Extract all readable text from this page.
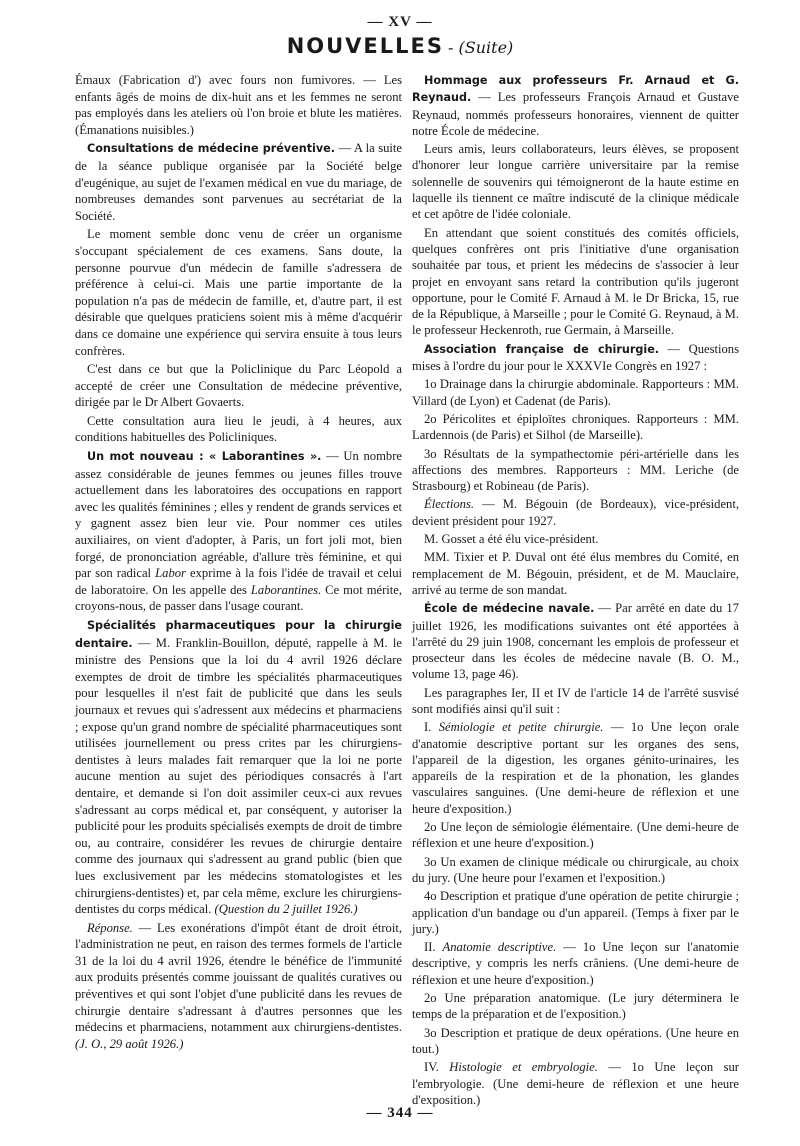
— XV —
NOUVELLES - (Suite)

Émaux (Fabrication d') avec fours non fumivores. — Les enfants âgés de moins de dix-huit ans et les femmes ne seront pas employés dans les ateliers où l'on broie et blute les matières. (Émanations nuisibles.)

Consultations de médecine préventive. — A la suite de la séance publique organisée par la Société belge d'eugénique, au sujet de l'examen médical en vue du mariage, de nombreuses demandes sont parvenues au secrétariat de la Société.

Le moment semble donc venu de créer un organisme s'occupant spécialement de ces examens. Sans doute, la personne pourvue d'un médecin de famille s'adressera de préférence à celui-ci. Mais une partie importante de la population n'a pas de médecin de famille, et, d'autre part, il est désirable que quelques praticiens soient mis à même d'acquérir dans ce domaine une expérience qui servira ensuite à tous leurs confrères.

C'est dans ce but que la Policlinique du Parc Léopold a accepté de créer une Consultation de médecine préventive, dirigée par le Dr Albert Govaerts.

Cette consultation aura lieu le jeudi, à 4 heures, aux conditions habituelles des Policliniques.

Un mot nouveau : « Laborantines ». — Un nombre assez considérable de jeunes femmes ou jeunes filles trouve actuellement dans les laboratoires des occupations en rapport avec les qualités féminines ; elles y rendent de grands services et y gagnent assez bien leur vie. Pour nommer ces utiles auxiliaires, on vient d'adopter, à Paris, un fort joli mot, bien forgé, de prononciation agréable, d'allure très féminine, et qui par son radical Labor exprime à la fois l'idée de travail et celui de laboratoire. On les appelle des Laborantines. Ce mot mérite, croyons-nous, de passer dans l'usage courant.

Spécialités pharmaceutiques pour la chirurgie dentaire. — M. Franklin-Bouillon, député, rappelle à M. le ministre des Pensions que la loi du 4 avril 1926 déclare exemptes de droit de timbre les spécialités pharmaceutiques pour lesquelles il n'est fait de publicité que dans les seuls journaux et revues qui s'adressent aux médecins et pharmaciens ; expose qu'un grand nombre de spécialité pharmaceutiques sont utilisées journellement ou press crites par les chirurgiens-dentistes à leurs malades fait remarquer que la loi ne porte aucune mention au sujet des périodiques consacrés à l'art dentaire, et demande si l'on doit assimiler ceux-ci aux revues s'adressant au corps médical et, par conséquent, y autoriser la publicité pour les produits spécialisés exempts de droit de timbre ou, au contraire, considérer les revues de chirurgie dentaire comme des journaux qui s'adressent au grand public (bien que lues exclusivement par les médecins stomatologistes et les chirurgiens-dentistes) et, par cela même, exclure les chirurgiens-dentistes du corps médical. (Question du 2 juillet 1926.)

Réponse. — Les exonérations d'impôt étant de droit étroit, l'administration ne peut, en raison des termes formels de l'article 31 de la loi du 4 avril 1926, étendre le bénéfice de l'immunité aux produits présentés comme jouissant de qualités curatives ou préventives et qui sont l'objet d'une publicité dans les revues de chirurgie dentaire s'adressant à d'autres personnes que les médecins et pharmaciens, notamment aux chirurgiens-dentistes. (J. O., 29 août 1926.)

Hommage aux professeurs Fr. Arnaud et G. Reynaud. — Les professeurs François Arnaud et Gustave Reynaud, nommés professeurs honoraires, viennent de quitter notre École de médecine.

Leurs amis, leurs collaborateurs, leurs élèves, se proposent d'honorer leur longue carrière universitaire par la remise solennelle de souvenirs qui témoigneront de la haute estime en laquelle ils tiennent ce maître indiscuté de la clinique médicale et cet apôtre de l'idée coloniale.

En attendant que soient constitués des comités officiels, quelques confrères ont pris l'initiative d'une organisation souhaitée par tous, et prient les médecins de s'associer à leur projet en envoyant sans retard la contribution qu'ils jugeront opportune, pour le Comité F. Arnaud à M. le Dr Bricka, 15, rue de la République, à Marseille ; pour le Comité G. Reynaud, à M. le professeur Heckenroth, rue Germain, à Marseille.

Association française de chirurgie. — Questions mises à l'ordre du jour pour le XXXVIe Congrès en 1927 :

1o Drainage dans la chirurgie abdominale. Rapporteurs : MM. Villard (de Lyon) et Cadenat (de Paris).

2o Péricolites et épiploïtes chroniques. Rapporteurs : MM. Lardennois (de Paris) et Silhol (de Marseille).

3o Résultats de la sympathectomie péri-artérielle dans les affections des membres. Rapporteurs : MM. Leriche (de Strasbourg) et Robineau (de Paris).

Élections. — M. Bégouin (de Bordeaux), vice-président, devient président pour 1927.

M. Gosset a été élu vice-président.

MM. Tixier et P. Duval ont été élus membres du Comité, en remplacement de M. Bégouin, président, et de M. Mauclaire, arrivé au terme de son mandat.

École de médecine navale. — Par arrêté en date du 17 juillet 1926, les modifications suivantes ont été apportées à l'arrêté du 29 juin 1908, concernant les emplois de professeur et prosecteur dans les écoles de médecine navale (B. O. M., volume 13, page 46).

Les paragraphes Ier, II et IV de l'article 14 de l'arrêté susvisé sont modifiés ainsi qu'il suit :

I. Sémiologie et petite chirurgie. — 1o Une leçon orale d'anatomie descriptive portant sur les organes des sens, l'appareil de la digestion, les organes génito-urinaires, les appareils de la respiration et de la phonation, les glandes vasculaires sanguines. (Une demi-heure de réflexion et une heure d'exposition.)

2o Une leçon de sémiologie élémentaire. (Une demi-heure de réflexion et une heure d'exposition.)

3o Un examen de clinique médicale ou chirurgicale, au choix du jury. (Une heure pour l'examen et l'exposition.)

4o Description et pratique d'une opération de petite chirurgie ; application d'un bandage ou d'un appareil. (Temps à fixer par le jury.)

II. Anatomie descriptive. — 1o Une leçon sur l'anatomie descriptive, y compris les nerfs crâniens. (Une demi-heure de réflexion et une heure d'exposition.)

2o Une préparation anatomique. (Le jury déterminera le temps de la préparation et de l'exposition.)

3o Description et pratique de deux opérations. (Une heure en tout.)

IV. Histologie et embryologie. — 1o Une leçon sur l'embryologie. (Une demi-heure de réflexion et une heure d'exposition.)

— 344 —
